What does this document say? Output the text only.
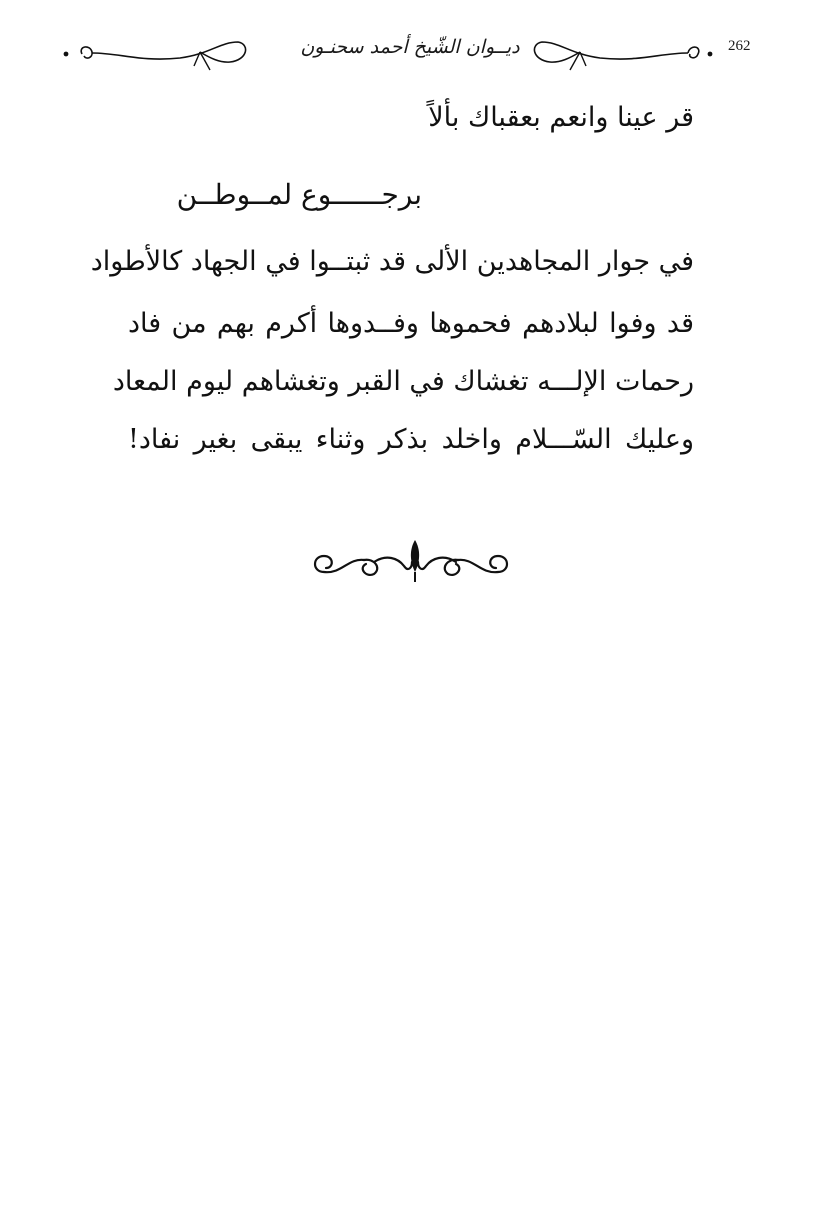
ديــوان الشّيخ أحمد سحنـون	262
قر عينا وانعم بعقباك بألاً
برجــــــوع لمــوطــن
في جوار المجاهدين الألى قد ثبتــوا في الجهاد كالأطواد
قد وفوا لبلادهم فحموها وفــدوها أكرم بهم من فاد
رحمات الإلـــه تغشاك في القبر وتغشاهم ليوم المعاد
وعليك السّـــلام واخلد بذكر وثناء يبقى بغير نفاد!
